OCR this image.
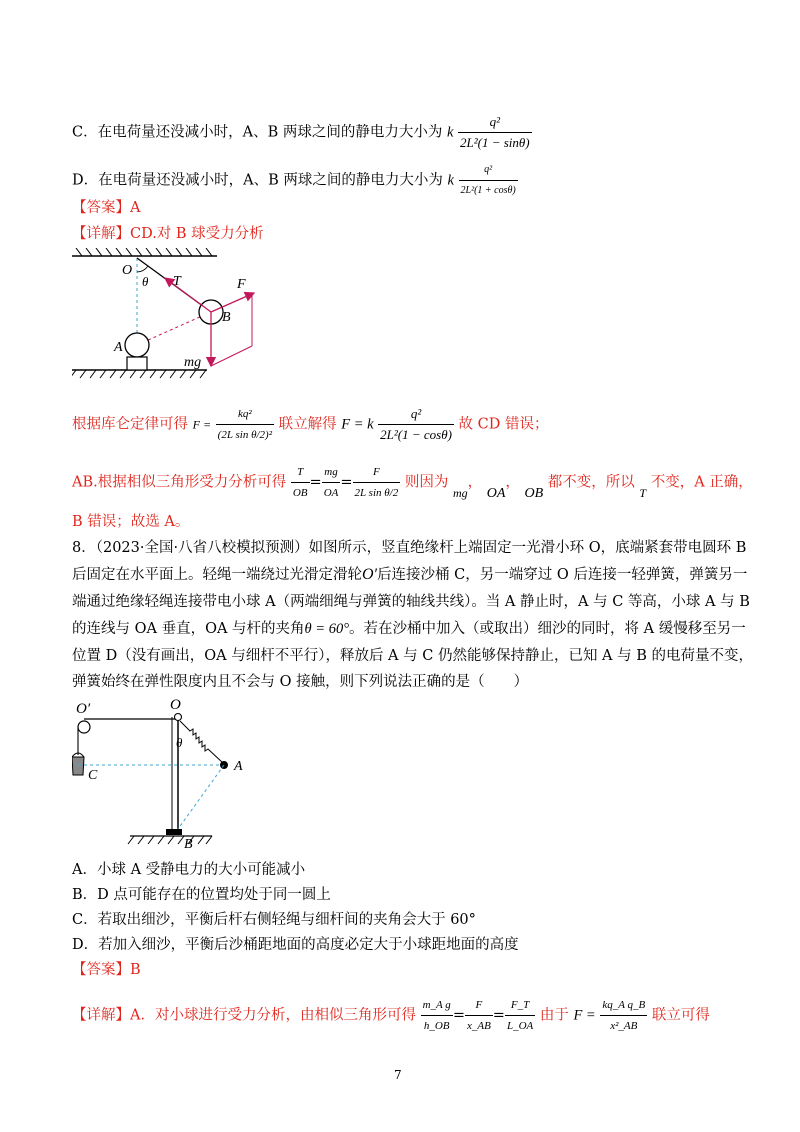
C．在电荷量还没减小时，A、B 两球之间的静电力大小为 k $\frac{\text{q²}}{\text{2L²(1 − sinθ)}}$
D．在电荷量还没减小时，A、B 两球之间的静电力大小为 k $\frac{\text{q²}}{\text{2L²(1 + cosθ)}}$
【答案】A
【详解】CD.对 B 球受力分析
O
θ T	F
B
A
mg
根据库仑定律可得 $F = \frac{\text{kq²}}{\text{(2L sin θ/2)²}}$ 联立解得 F = k $\frac{\text{q²}}{\text{2L²(1 − cosθ)}}$ 故 CD 错误；
AB.根据相似三角形受力分析可得 $\frac{T}{OB} = \frac{mg}{OA} = \frac{F}{\text{2L sin θ/2}}$ 则因为 $_{mg}$， OA， OB 都不变，所以 $_T$ 不变，A 正确，
B 错误；故选 A。
8．（2023·全国·八省八校模拟预测）如图所示，竖直绝缘杆上端固定一光滑小环 O，底端紧套带电圆环 B
后固定在水平面上。轻绳一端绕过光滑定滑轮O′后连接沙桶 C，另一端穿过 O 后连接一轻弹簧，弹簧另一
端通过绝缘轻绳连接带电小球 A（两端细绳与弹簧的轴线共线）。当 A 静止时，A 与 C 等高，小球 A 与 B
的连线与 OA 垂直，OA 与杆的夹角θ = 60°。若在沙桶中加入（或取出）细沙的同时，将 A 缓慢移至另一
位置 D（没有画出，OA 与细杆不平行），释放后 A 与 C 仍然能够保持静止，已知 A 与 B 的电荷量不变，
弹簧始终在弹性限度内且不会与 O 接触，则下列说法正确的是（　　）
O′	O
θ
A
C
B
A．小球 A 受静电力的大小可能减小
B．D 点可能存在的位置均处于同一圆上
C．若取出细沙，平衡后杆右侧轻绳与细杆间的夹角会大于 60°
D．若加入细沙，平衡后沙桶距地面的高度必定大于小球距地面的高度
【答案】B
【详解】A．对小球进行受力分析，由相似三角形可得 $\frac{\text{m\_A g}}{h\_OB} = \frac{F}{x\_AB} = \frac{F\_T}{L\_OA}$ 由于 $F = \frac{\text{kq\_A q\_B}}{\text{x²\_AB}}$ 联立可得
7
